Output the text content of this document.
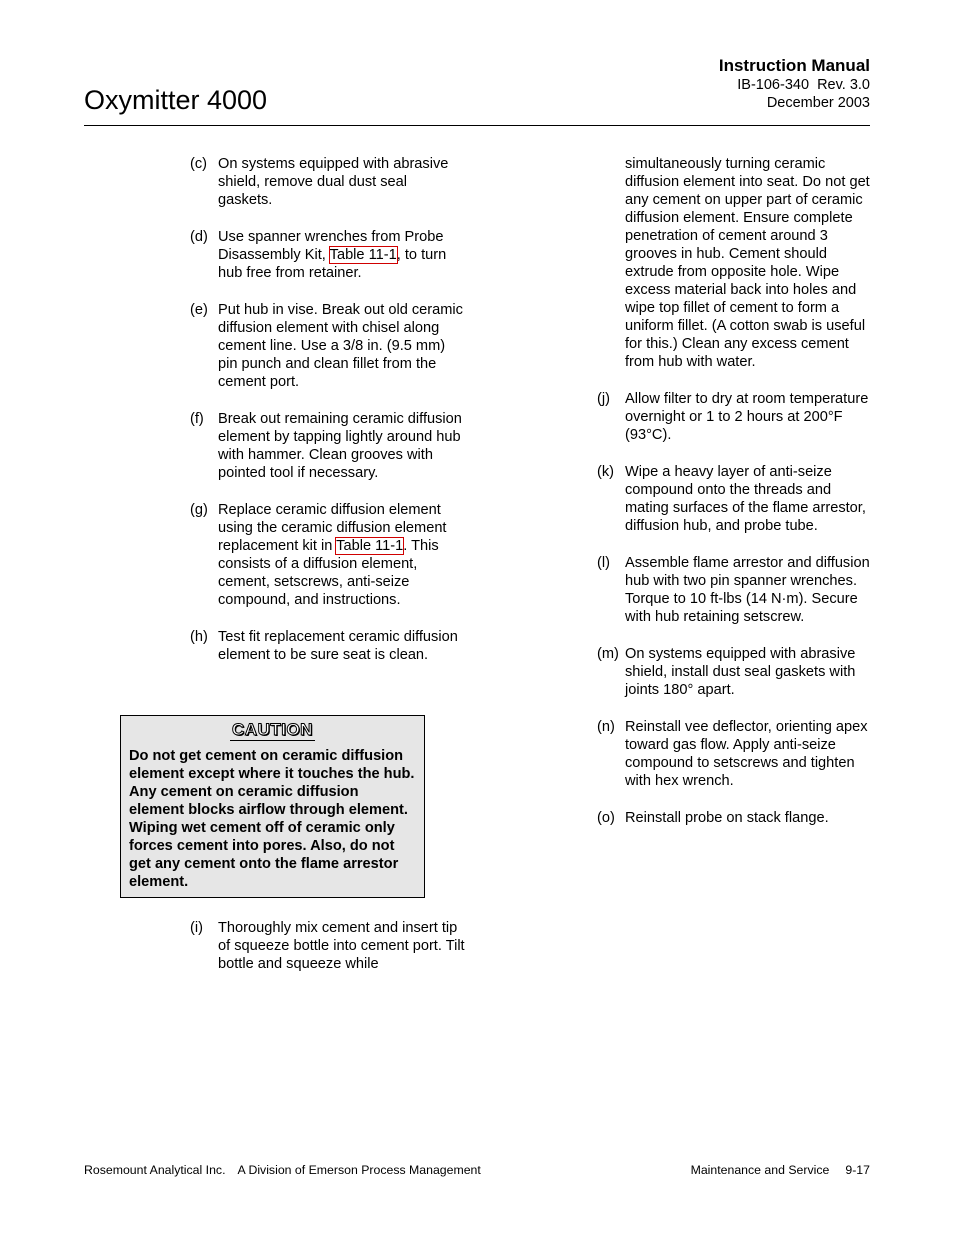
Oxymitter 4000
Instruction Manual
IB-106-340  Rev. 3.0
December 2003
(c) On systems equipped with abrasive shield, remove dual dust seal gaskets.
(d) Use spanner wrenches from Probe Disassembly Kit, Table 11-1, to turn hub free from retainer.
(e) Put hub in vise. Break out old ceramic diffusion element with chisel along cement line. Use a 3/8 in. (9.5 mm) pin punch and clean fillet from the cement port.
(f) Break out remaining ceramic diffusion element by tapping lightly around hub with hammer. Clean grooves with pointed tool if necessary.
(g) Replace ceramic diffusion element using the ceramic diffusion element replacement kit in Table 11-1. This consists of a diffusion element, cement, setscrews, anti-seize compound, and instructions.
(h) Test fit replacement ceramic diffusion element to be sure seat is clean.
CAUTION
Do not get cement on ceramic diffusion element except where it touches the hub. Any cement on ceramic diffusion element blocks airflow through element. Wiping wet cement off of ceramic only forces cement into pores. Also, do not get any cement onto the flame arrestor element.
(i)	Thoroughly mix cement and insert tip of squeeze bottle into cement port. Tilt bottle and squeeze while
simultaneously turning ceramic diffusion element into seat. Do not get any cement on upper part of ceramic diffusion element. Ensure complete penetration of cement around 3 grooves in hub. Cement should extrude from opposite hole. Wipe excess material back into holes and wipe top fillet of cement to form a uniform fillet. (A cotton swab is useful for this.) Clean any excess cement from hub with water.
(j)	Allow filter to dry at room temperature overnight or 1 to 2 hours at 200°F (93°C).
(k) Wipe a heavy layer of anti-seize compound onto the threads and mating surfaces of the flame arrestor, diffusion hub, and probe tube.
(l)	Assemble flame arrestor and diffusion hub with two pin spanner wrenches. Torque to 10 ft-lbs (14 N·m). Secure with hub retaining setscrew.
(m) On systems equipped with abrasive shield, install dust seal gaskets with joints 180° apart.
(n) Reinstall vee deflector, orienting apex toward gas flow. Apply anti-seize compound to setscrews and tighten with hex wrench.
(o) Reinstall probe on stack flange.
Rosemount Analytical Inc. A Division of Emerson Process Management	Maintenance and Service 9-17
